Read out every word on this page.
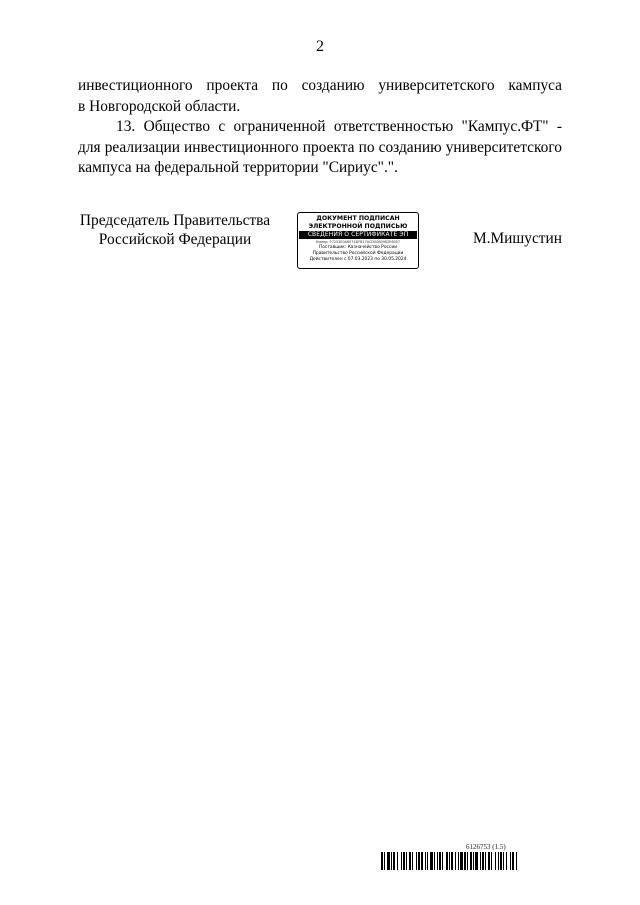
2
инвестиционного проекта по созданию университетского кампуса
в Новгородской области.
13. Общество с ограниченной ответственностью "Кампус.ФТ" -
для реализации инвестиционного проекта по созданию университетского
кампуса на федеральной территории "Сириус".".
Председатель Правительства
Российской Федерации
ДОКУМЕНТ ПОДПИСАН
ЭЛЕКТРОННОЙ ПОДПИСЬЮ
СВЕДЕНИЯ О СЕРТИФИКАТЕ ЭП
Номер: 57253E0A6074DFB17ACD00B0982E6057
Поставщик: Казначейство России
Правительство Российской Федерации
Действителен с 07.03.2023 по 30.05.2024
М.Мишустин
6126753 (1.5)
